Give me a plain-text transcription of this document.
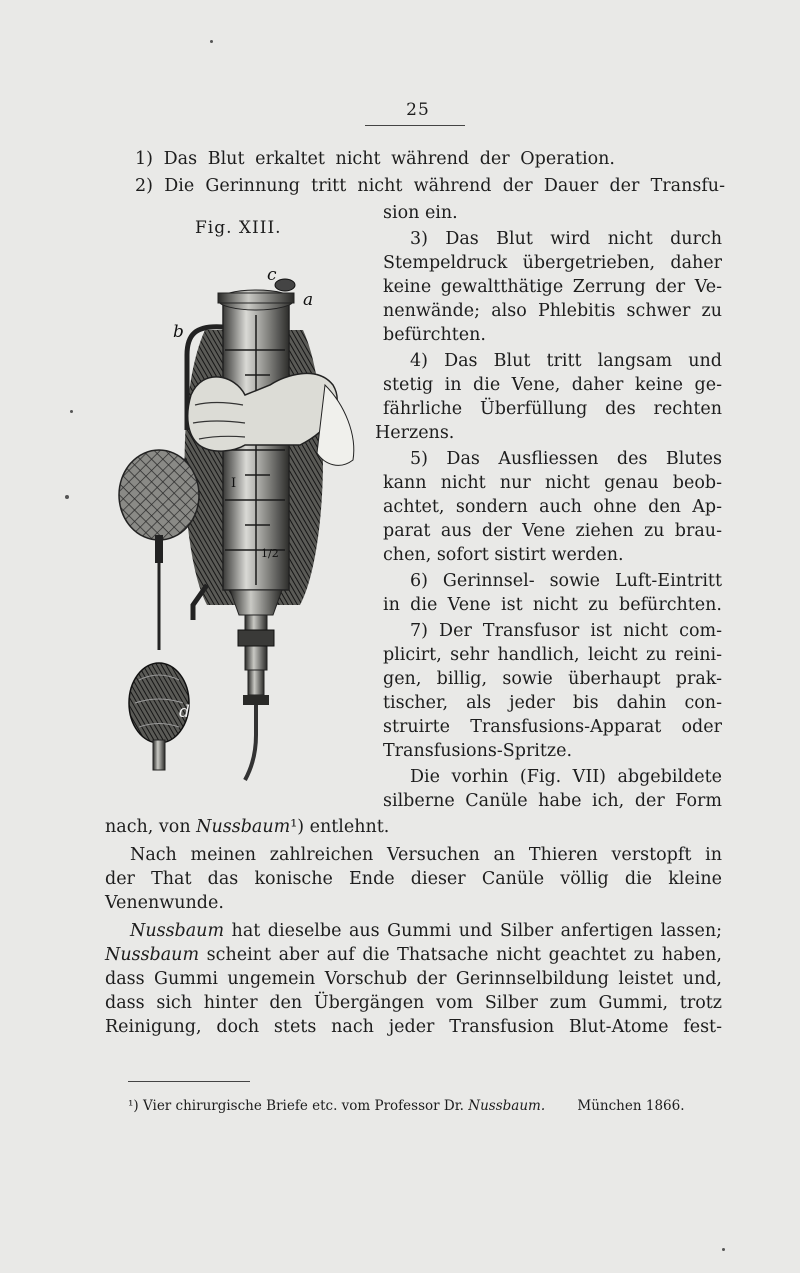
25
1) Das Blut erkaltet nicht während der Operation.
2) Die Gerinnung tritt nicht während der Dauer der Transfu-
sion ein.
Fig. XIII.
I
1/2
c
a
b
d
3) Das Blut wird nicht durch
Stempeldruck übergetrieben, daher
keine gewaltthätige Zerrung der Ve-
nenwände; also Phlebitis schwer zu
befürchten.
4) Das Blut tritt langsam und
stetig in die Vene, daher keine ge-
fährliche Überfüllung des rechten
Herzens.
5) Das Ausfliessen des Blutes
kann nicht nur nicht genau beob-
achtet, sondern auch ohne den Ap-
parat aus der Vene ziehen zu brau-
chen, sofort sistirt werden.
6) Gerinnsel- sowie Luft-Eintritt
in die Vene ist nicht zu befürchten.
7) Der Transfusor ist nicht com-
plicirt, sehr handlich, leicht zu reini-
gen, billig, sowie überhaupt prak-
tischer, als jeder bis dahin con-
struirte Transfusions-Apparat oder
Transfusions-Spritze.
Die vorhin (Fig. VII) abgebildete
silberne Canüle habe ich, der Form
nach, von Nussbaum¹) entlehnt.
Nach meinen zahlreichen Versuchen an Thieren verstopft in
der That das konische Ende dieser Canüle völlig die kleine
Venenwunde.
Nussbaum hat dieselbe aus Gummi und Silber anfertigen lassen;
Nussbaum scheint aber auf die Thatsache nicht geachtet zu haben,
dass Gummi ungemein Vorschub der Gerinnselbildung leistet und,
dass sich hinter den Übergängen vom Silber zum Gummi, trotz
Reinigung, doch stets nach jeder Transfusion Blut-Atome fest-
¹) Vier chirurgische Briefe etc. vom Professor Dr. Nussbaum. München 1866.
